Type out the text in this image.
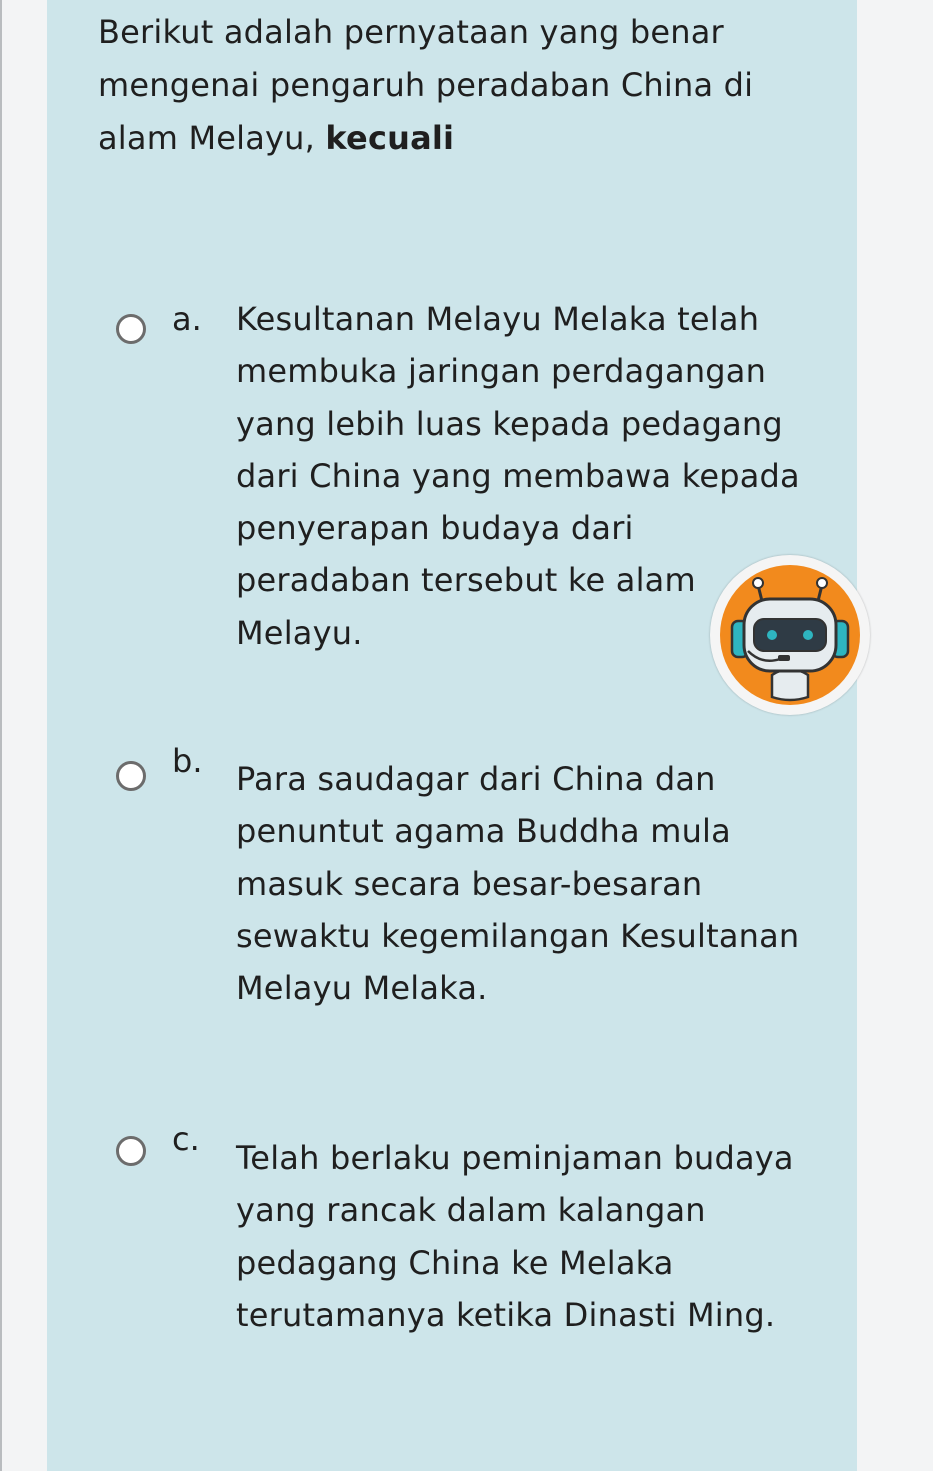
Berikut adalah pernyataan yang benar mengenai pengaruh peradaban China di alam Melayu, kecuali
a. Kesultanan Melayu Melaka telah membuka jaringan perdagangan yang lebih luas kepada pedagang dari China yang membawa kepada penyerapan budaya dari peradaban tersebut ke alam Melayu.
b. Para saudagar dari China dan penuntut agama Buddha mula masuk secara besar-besaran sewaktu kegemilangan Kesultanan Melayu Melaka.
c. Telah berlaku peminjaman budaya yang rancak dalam kalangan pedagang China ke Melaka terutamanya ketika Dinasti Ming.
